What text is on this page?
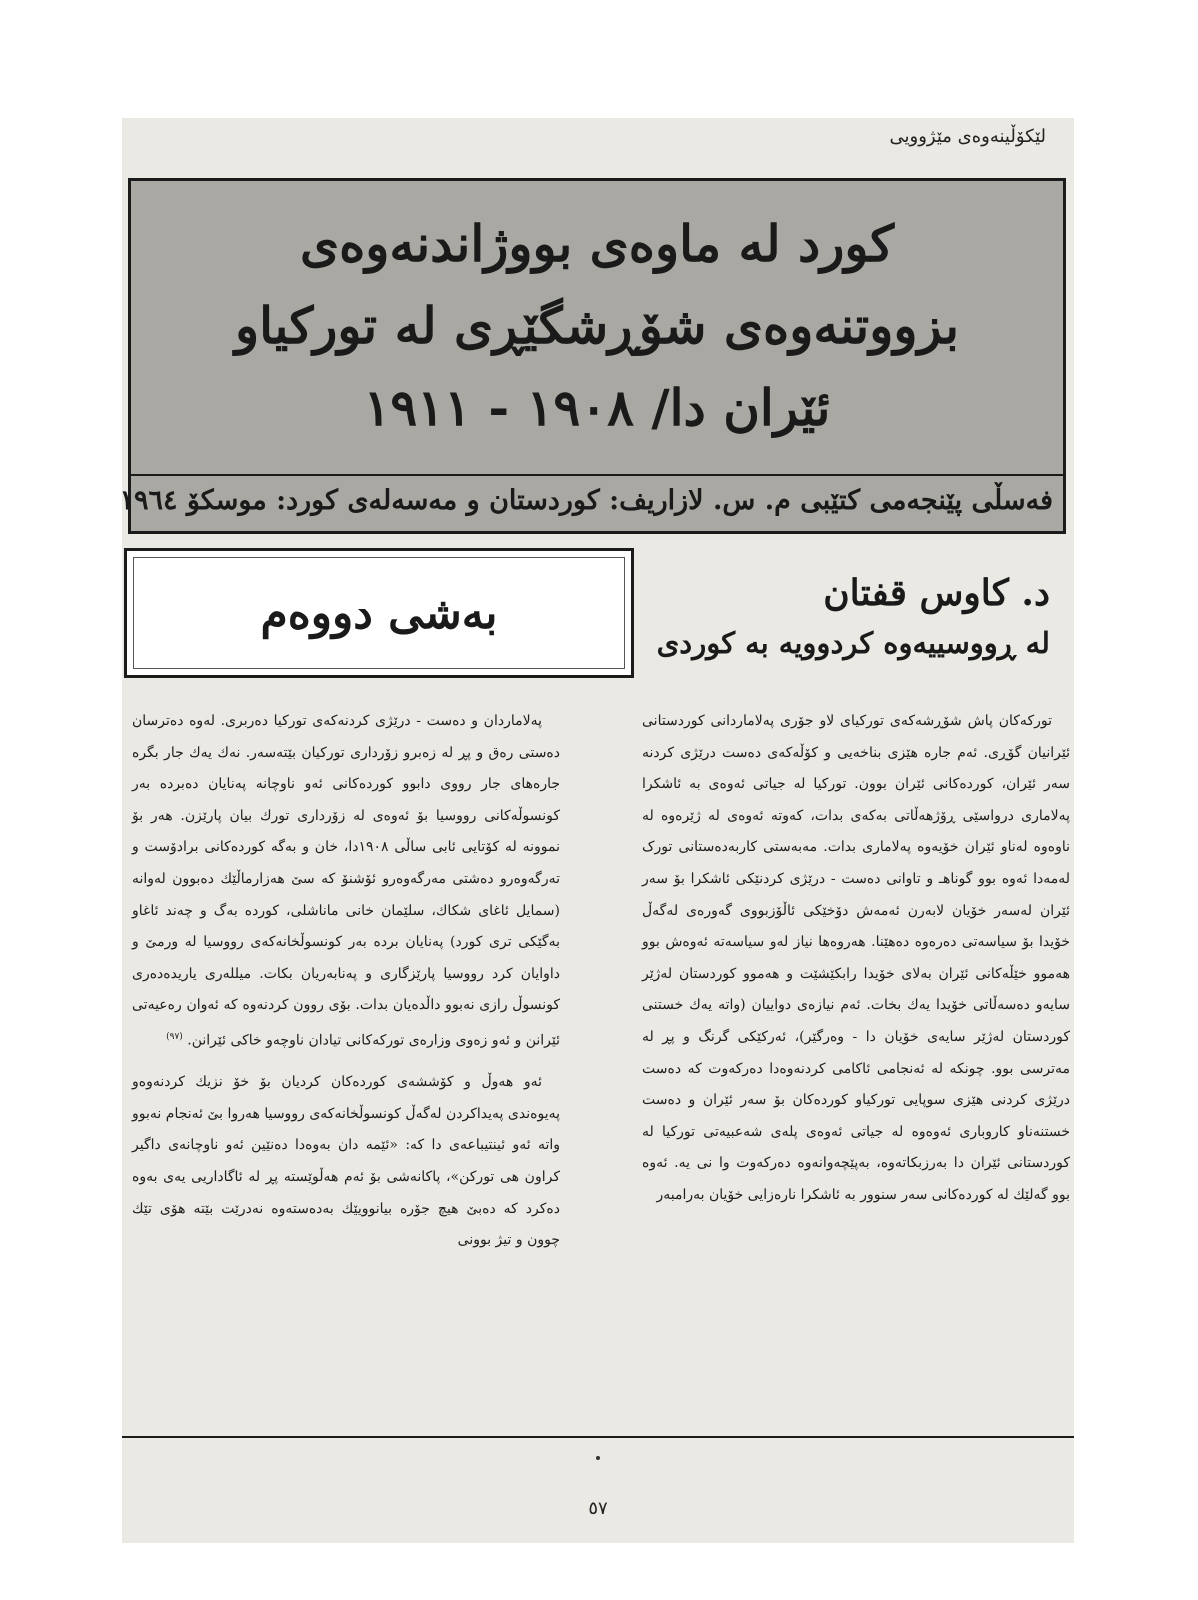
لێکۆڵینەوەی مێژوویی
کورد لە ماوەی بووژاندنەوەی
بزووتنەوەی شۆڕشگێڕی لە تورکیاو
ئێران دا/ ١٩٠٨ - ١٩١١
فەسڵی پێنجەمی کتێبی م. س. لازاریف: کوردستان و مەسەلەی کورد: موسکۆ ١٩٦٤
بەشی دووەم	د. کاوس قفتان
لە ڕووسییەوە کردوویە بە کوردی

تورکەکان پاش شۆڕشەکەی تورکیای لاو جۆری پەلاماردانی کوردستانی ئێرانیان گۆڕی. ئەم جارە هێزی بناخەیی و کۆڵەکەی دەست درێژی کردنە سەر ئێران، کوردەکانی ئێران بوون. تورکیا لە جیاتی ئەوەی بە ئاشکرا پەلاماری درواسێی ڕۆژهەڵاتی بەکەی بدات، کەوتە ئەوەی لە ژێرەوە لە ناوەوە لەناو ئێران خۆیەوە پەلاماری بدات. مەبەستی کاربەدەستانی تورک لەمەدا ئەوە بوو گوناهـ و تاوانی دەست - درێژی کردنێکی ئاشکرا بۆ سەر ئێران لەسەر خۆیان لابەرن ئەمەش دۆخێکی ئاڵۆزبووی گەورەی لەگەڵ خۆیدا بۆ سیاسەتی دەرەوە دەهێنا. هەروەها نیاز لەو سیاسەتە ئەوەش بوو هەموو خێڵەکانی ئێران بەلای خۆیدا رابکێشێت و هەموو کوردستان لەژێر سایەو دەسەڵاتی خۆیدا یەك بخات. ئەم نیازەی دواییان (واتە یەك خستنی کوردستان لەژێر سایەی خۆیان دا - وەرگێر)، ئەرکێکی گرنگ و پڕ لە مەترسی بوو. چونکە لە ئەنجامی ئاکامی کردنەوەدا دەرکەوت کە دەست درێژی کردنی هێزی سوپایی تورکیاو کوردەکان بۆ سەر ئێران و دەست خستنەناو کاروباری ئەوەوە لە جیاتی ئەوەی پلەی شەعبیەتی تورکیا لە کوردستانی ئێران دا بەرزبکاتەوە، بەپێچەوانەوە دەرکەوت وا نی یە. ئەوە بوو گەلێك لە کوردەکانی سەر سنوور بە ئاشکرا نارەزایی خۆیان بەرامبەر

پەلاماردان و دەست - درێژی کردنەکەی تورکیا دەربری. لەوە دەترسان دەستی رەق و پڕ لە زەبرو زۆرداری تورکیان بێتەسەر. نەك یەك جار بگرە جارەهای جار رووی دابوو کوردەکانی ئەو ناوچانە پەنایان دەبردە بەر کونسوڵەکانی رووسیا بۆ ئەوەی لە زۆرداری تورك بیان پارێزن. هەر بۆ نموونە لە کۆتایی ئابی ساڵی ١٩٠٨دا، خان و بەگە کوردەکانی برادۆست و تەرگەوەرو دەشتی مەرگەوەرو ئۆشنۆ کە سێ هەزارماڵێك دەبوون لەوانە (سمایل ئاغای شکاك، سلێمان خانی ماناشلی، کوردە بەگ و چەند ئاغاو بەگێکی تری کورد) پەنایان بردە بەر کونسوڵخانەکەی رووسیا لە ورمێ و داوایان کرد رووسیا پارێزگاری و پەنابەریان بکات. میللەری یاریدەدەری کونسوڵ رازی نەبوو داڵدەیان بدات. بۆی روون کردنەوە کە ئەوان رەعیەتی ئێرانن و ئەو زەوی وزارەی تورکەکانی تیادان ناوچەو خاکی ئێرانن. $^{(٩٧)}$

ئەو هەوڵ و کۆششەی کوردەکان کردیان بۆ خۆ نزیك کردنەوەو پەیوەندی پەیداکردن لەگەڵ کونسوڵخانەکەی رووسیا هەروا بێ ئەنجام نەبوو واتە ئەو ئینتیباعەی دا کە: «ئێمە دان بەوەدا دەنێین ئەو ناوچانەی داگیر کراون هی تورکن»، پاکانەشی بۆ ئەم هەڵوێستە پڕ لە ئاگاداریی یەی بەوە دەکرد کە دەبێ هیچ جۆرە بیانوویێك بەدەستەوە نەدرێت بێتە هۆی تێك چوون و تیژ بوونی

٥٧
